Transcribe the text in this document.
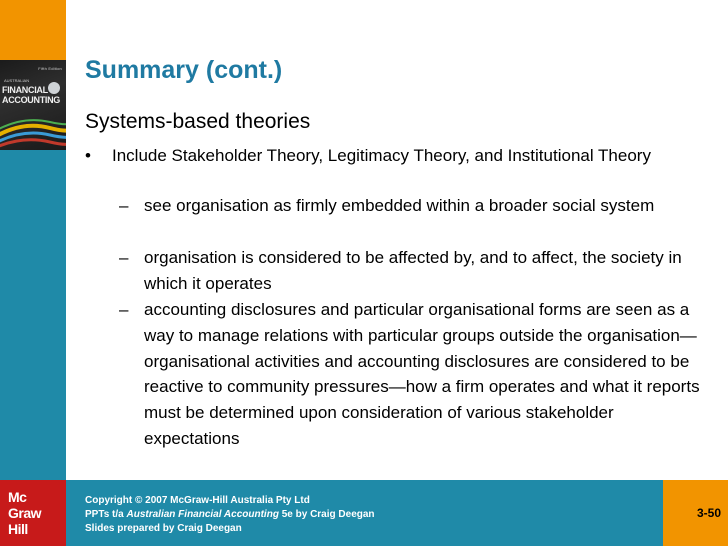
Fifth Edition
AUSTRALIAN
FINANCIAL
ACCOUNTING
Summary (cont.)
Systems-based theories
• Include Stakeholder Theory, Legitimacy Theory, and Institutional Theory
– see organisation as firmly embedded within a broader social system
– organisation is considered to be affected by, and to affect, the society in which it operates
– accounting disclosures and particular organisational forms are seen as a way to manage relations with particular groups outside the organisation— organisational activities and accounting disclosures are considered to be reactive to community pressures—how a firm operates and what it reports must be determined upon consideration of various stakeholder expectations
Mc
Graw
Hill
Copyright © 2007 McGraw-Hill Australia Pty Ltd
PPTs t/a Australian Financial Accounting 5e by Craig Deegan
Slides prepared by Craig Deegan
3-50
